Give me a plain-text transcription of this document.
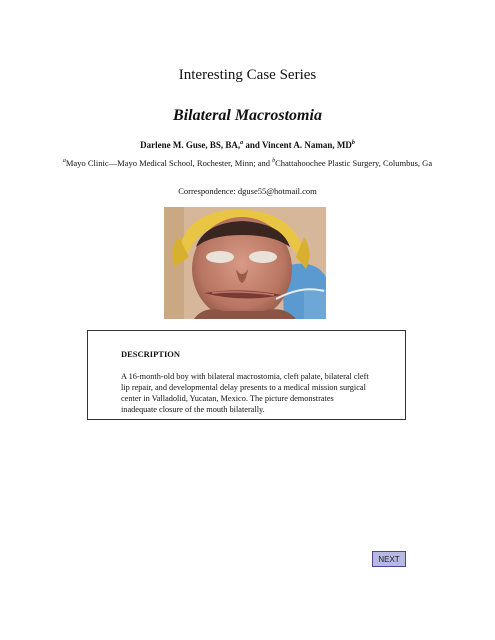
Interesting Case Series
Bilateral Macrostomia
Darlene M. Guse, BS, BA,$^a$ and Vincent A. Naman, $MD^b$
$^a$Mayo Clinic—Mayo Medical School, Rochester, Minn; and $^b$Chattahoochee Plastic Surgery, Columbus, Ga
Correspondence: dguse55@hotmail.com
DESCRIPTION
A 16-month-old boy with bilateral macrostomia, cleft palate, bilateral cleft lip repair, and developmental delay presents to a medical mission surgical center in Valladolid, Yucatan, Mexico. The picture demonstrates inadequate closure of the mouth bilaterally.
NEXT
